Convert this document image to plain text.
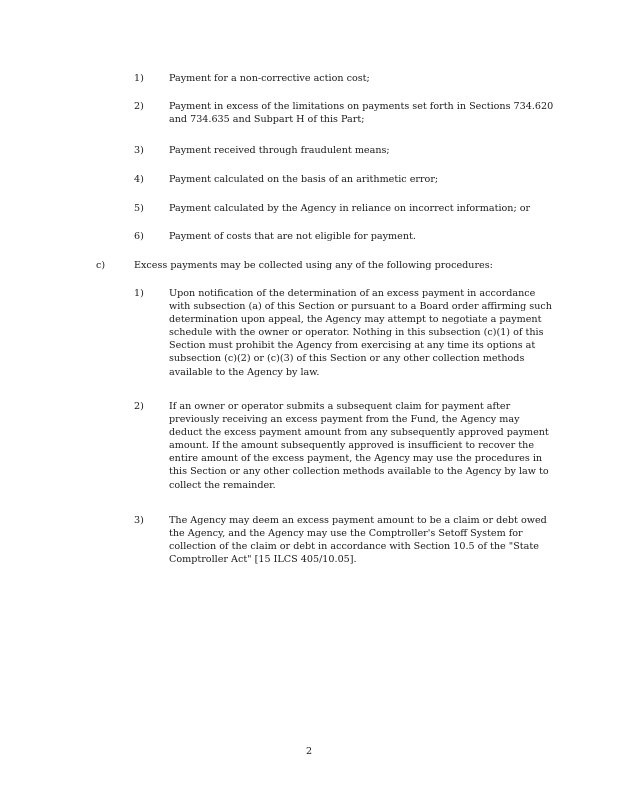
1)	Payment for a non-corrective action cost;
2)	Payment in excess of the limitations on payments set forth in Sections 734.620 and 734.635 and Subpart H of this Part;
3)	Payment received through fraudulent means;
4)	Payment calculated on the basis of an arithmetic error;
5)	Payment calculated by the Agency in reliance on incorrect information; or
6)	Payment of costs that are not eligible for payment.
c)	Excess payments may be collected using any of the following procedures:
1)	Upon notification of the determination of an excess payment in accordance with subsection (a) of this Section or pursuant to a Board order affirming such determination upon appeal, the Agency may attempt to negotiate a payment schedule with the owner or operator. Nothing in this subsection (c)(1) of this Section must prohibit the Agency from exercising at any time its options at subsection (c)(2) or (c)(3) of this Section or any other collection methods available to the Agency by law.
2)	If an owner or operator submits a subsequent claim for payment after previously receiving an excess payment from the Fund, the Agency may deduct the excess payment amount from any subsequently approved payment amount. If the amount subsequently approved is insufficient to recover the entire amount of the excess payment, the Agency may use the procedures in this Section or any other collection methods available to the Agency by law to collect the remainder.
3)	The Agency may deem an excess payment amount to be a claim or debt owed the Agency, and the Agency may use the Comptroller's Setoff System for collection of the claim or debt in accordance with Section 10.5 of the "State Comptroller Act" [15 ILCS 405/10.05].
2
